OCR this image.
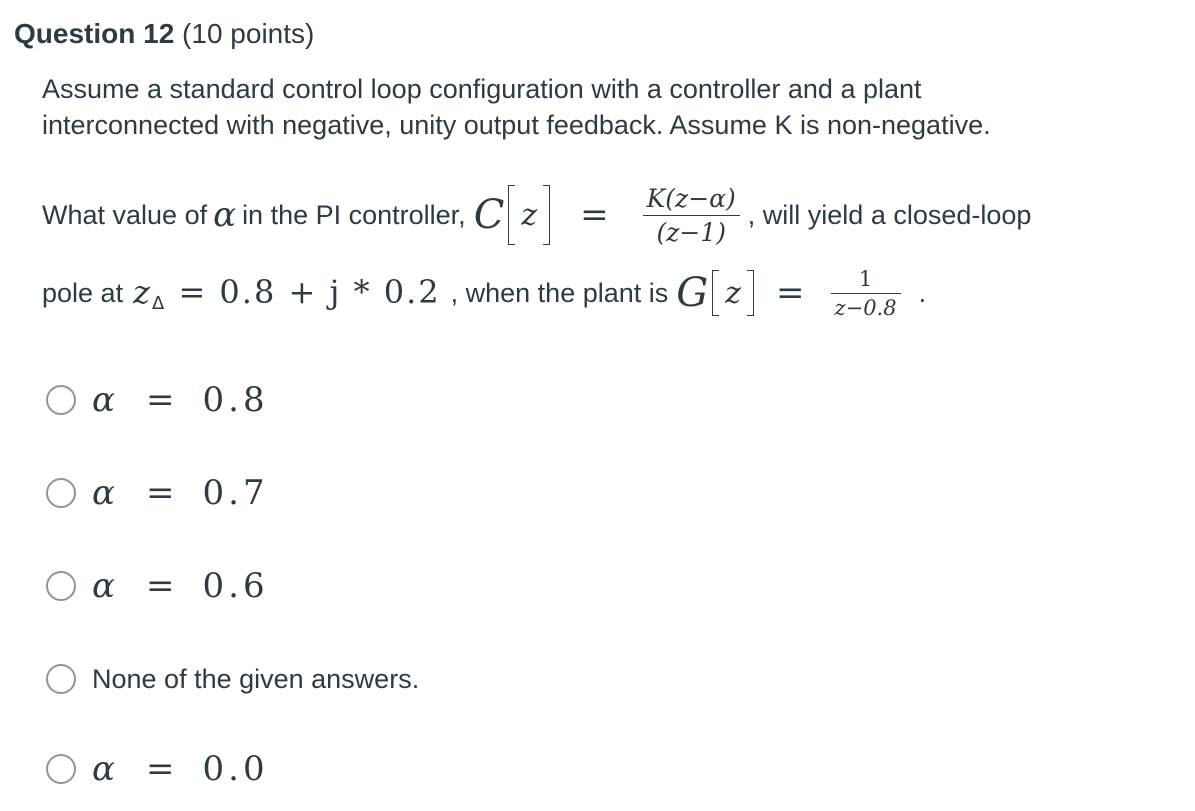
Question 12 (10 points)
Assume a standard control loop configuration with a controller and a plant
interconnected with negative, unity output feedback. Assume K is non-negative.
What value of α in the PI controller, C $z = \frac{K(z-\alpha)}{(z-1)}$ , will yield a closed-loop
pole at zΔ = 0.8 + j * 0.2 , when the plant is G $z = \frac{1}{z-0.8}$ .
α = 0.8
α = 0.7
α = 0.6
None of the given answers.
α = 0.0
